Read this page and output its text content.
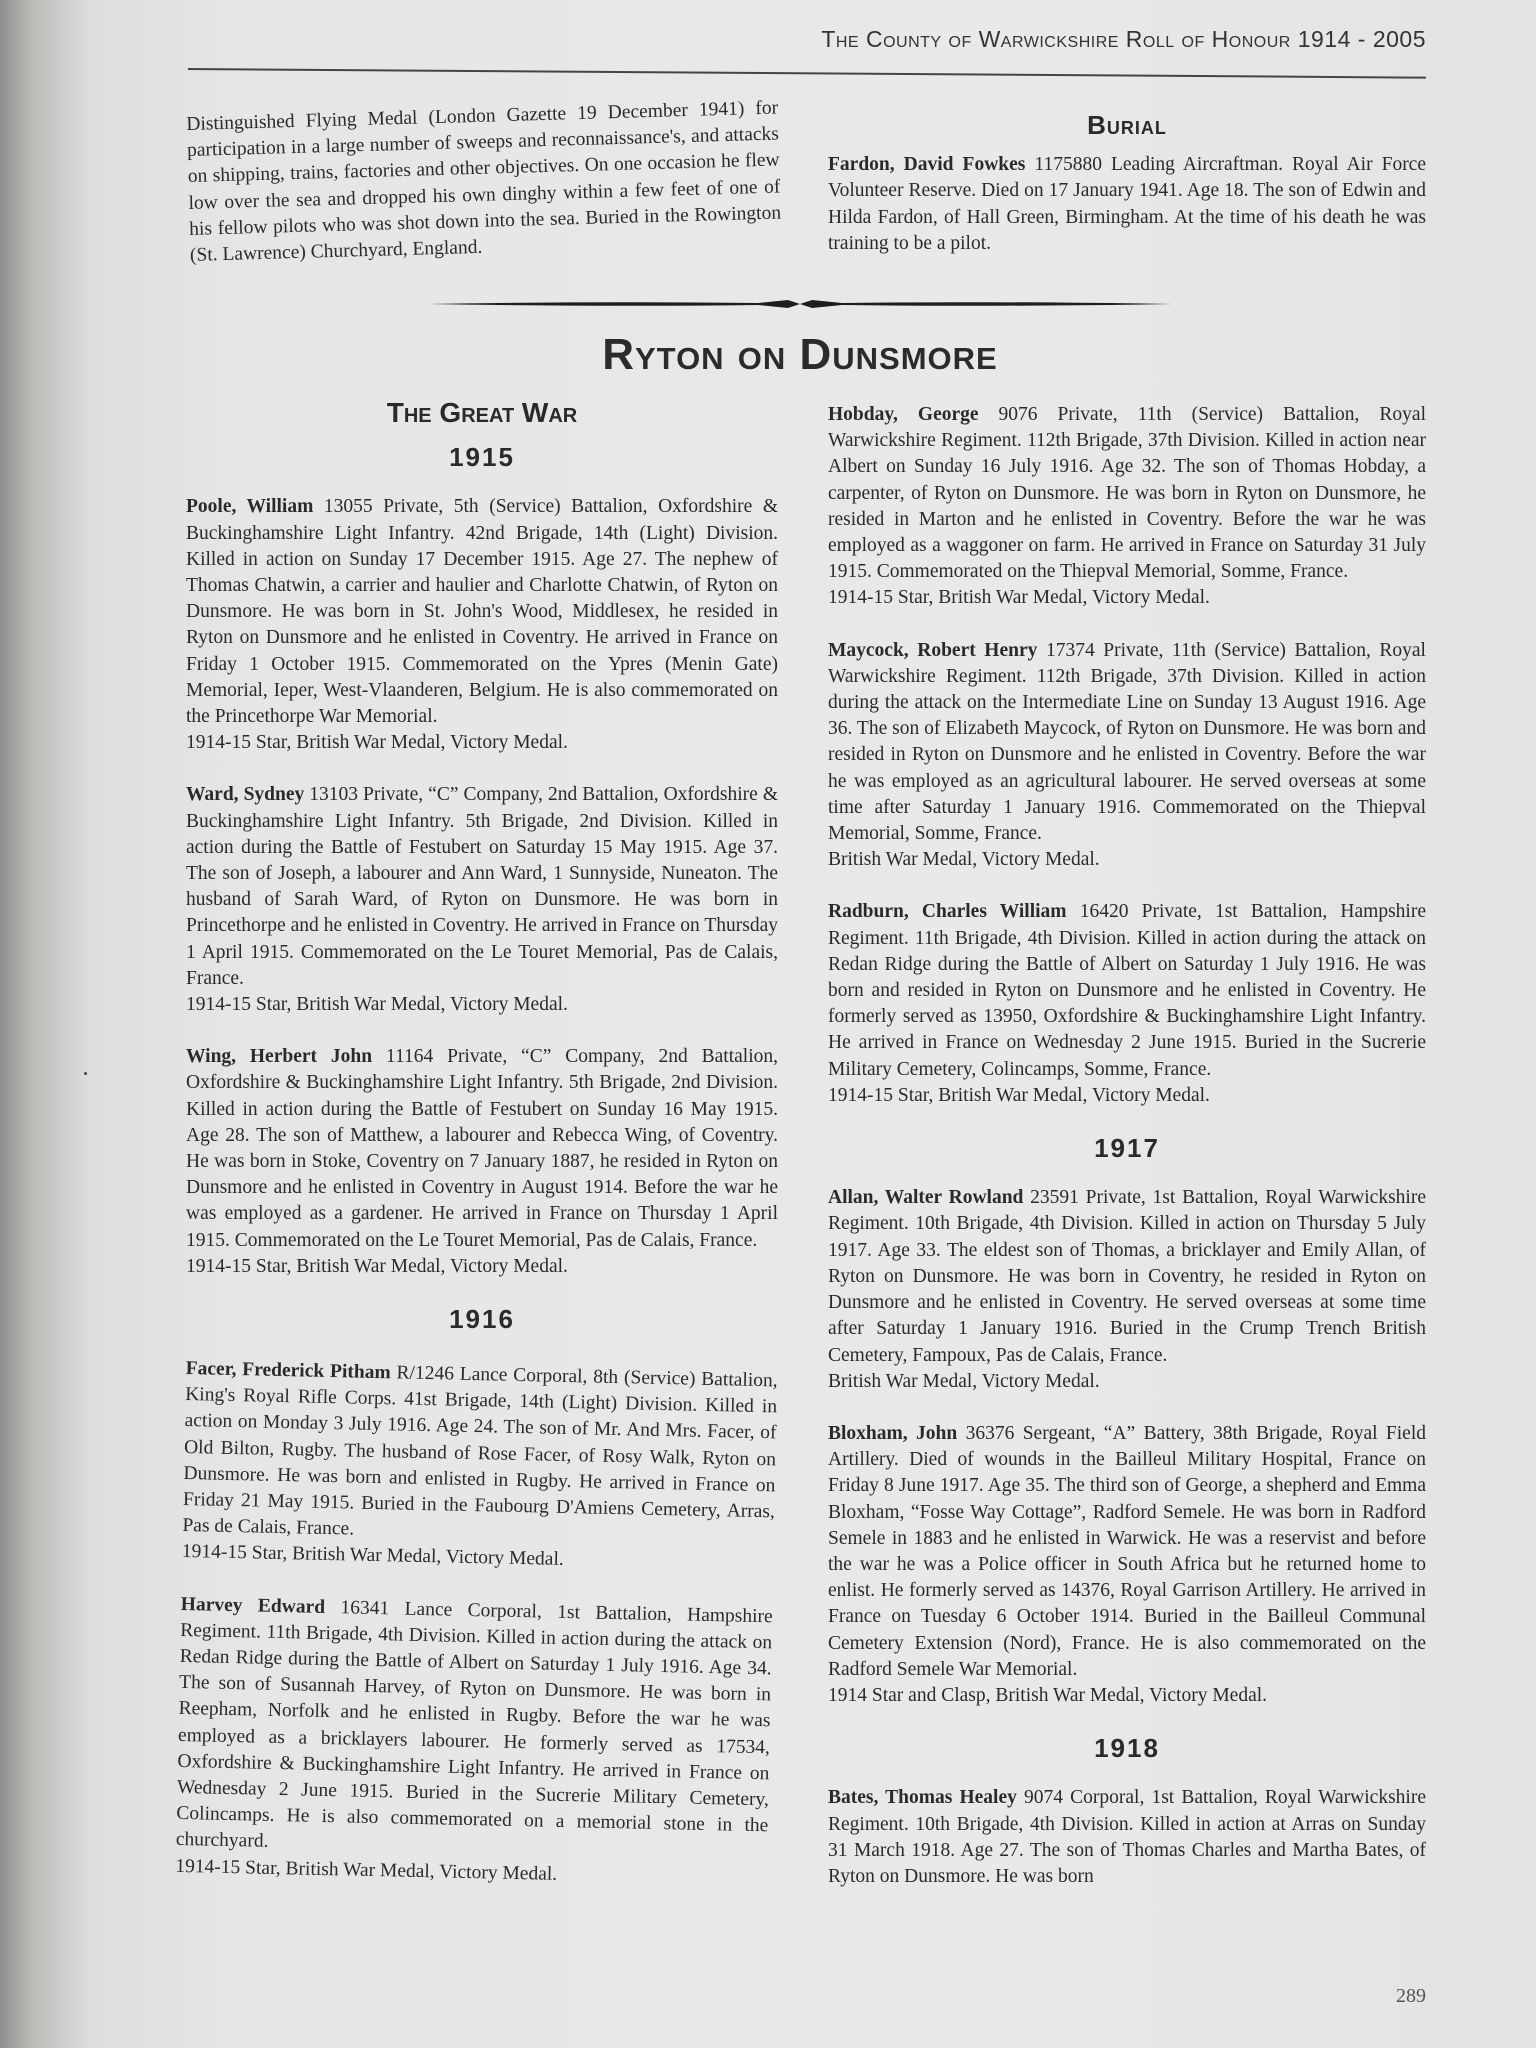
The County of Warwickshire Roll of Honour 1914 - 2005

Distinguished Flying Medal (London Gazette 19 December 1941) for participation in a large number of sweeps and reconnaissance's, and attacks on shipping, trains, factories and other objectives. On one occasion he flew low over the sea and dropped his own dinghy within a few feet of one of his fellow pilots who was shot down into the sea. Buried in the Rowington (St. Lawrence) Churchyard, England.

Burial

Fardon, David Fowkes 1175880 Leading Aircraftman. Royal Air Force Volunteer Reserve. Died on 17 January 1941. Age 18. The son of Edwin and Hilda Fardon, of Hall Green, Birmingham. At the time of his death he was training to be a pilot.

Ryton on Dunsmore
The Great War
1915

Poole, William 13055 Private, 5th (Service) Battalion, Oxfordshire & Buckinghamshire Light Infantry. 42nd Brigade, 14th (Light) Division. Killed in action on Sunday 17 December 1915. Age 27. The nephew of Thomas Chatwin, a carrier and haulier and Charlotte Chatwin, of Ryton on Dunsmore. He was born in St. John's Wood, Middlesex, he resided in Ryton on Dunsmore and he enlisted in Coventry. He arrived in France on Friday 1 October 1915. Commemorated on the Ypres (Menin Gate) Memorial, Ieper, West-Vlaanderen, Belgium. He is also commemorated on the Princethorpe War Memorial.

1914-15 Star, British War Medal, Victory Medal.

Ward, Sydney 13103 Private, “C” Company, 2nd Battalion, Oxfordshire & Buckinghamshire Light Infantry. 5th Brigade, 2nd Division. Killed in action during the Battle of Festubert on Saturday 15 May 1915. Age 37. The son of Joseph, a labourer and Ann Ward, 1 Sunnyside, Nuneaton. The husband of Sarah Ward, of Ryton on Dunsmore. He was born in Princethorpe and he enlisted in Coventry. He arrived in France on Thursday 1 April 1915. Commemorated on the Le Touret Memorial, Pas de Calais, France.

1914-15 Star, British War Medal, Victory Medal.

Wing, Herbert John 11164 Private, “C” Company, 2nd Battalion, Oxfordshire & Buckinghamshire Light Infantry. 5th Brigade, 2nd Division. Killed in action during the Battle of Festubert on Sunday 16 May 1915. Age 28. The son of Matthew, a labourer and Rebecca Wing, of Coventry. He was born in Stoke, Coventry on 7 January 1887, he resided in Ryton on Dunsmore and he enlisted in Coventry in August 1914. Before the war he was employed as a gardener. He arrived in France on Thursday 1 April 1915. Commemorated on the Le Touret Memorial, Pas de Calais, France.

1914-15 Star, British War Medal, Victory Medal.

1916

Facer, Frederick Pitham R/1246 Lance Corporal, 8th (Service) Battalion, King's Royal Rifle Corps. 41st Brigade, 14th (Light) Division. Killed in action on Monday 3 July 1916. Age 24. The son of Mr. And Mrs. Facer, of Old Bilton, Rugby. The husband of Rose Facer, of Rosy Walk, Ryton on Dunsmore. He was born and enlisted in Rugby. He arrived in France on Friday 21 May 1915. Buried in the Faubourg D'Amiens Cemetery, Arras, Pas de Calais, France.

1914-15 Star, British War Medal, Victory Medal.

Harvey Edward 16341 Lance Corporal, 1st Battalion, Hampshire Regiment. 11th Brigade, 4th Division. Killed in action during the attack on Redan Ridge during the Battle of Albert on Saturday 1 July 1916. Age 34. The son of Susannah Harvey, of Ryton on Dunsmore. He was born in Reepham, Norfolk and he enlisted in Rugby. Before the war he was employed as a bricklayers labourer. He formerly served as 17534, Oxfordshire & Buckinghamshire Light Infantry. He arrived in France on Wednesday 2 June 1915. Buried in the Sucrerie Military Cemetery, Colincamps. He is also commemorated on a memorial stone in the churchyard.

1914-15 Star, British War Medal, Victory Medal.

Hobday, George 9076 Private, 11th (Service) Battalion, Royal Warwickshire Regiment. 112th Brigade, 37th Division. Killed in action near Albert on Sunday 16 July 1916. Age 32. The son of Thomas Hobday, a carpenter, of Ryton on Dunsmore. He was born in Ryton on Dunsmore, he resided in Marton and he enlisted in Coventry. Before the war he was employed as a waggoner on farm. He arrived in France on Saturday 31 July 1915. Commemorated on the Thiepval Memorial, Somme, France.

1914-15 Star, British War Medal, Victory Medal.

Maycock, Robert Henry 17374 Private, 11th (Service) Battalion, Royal Warwickshire Regiment. 112th Brigade, 37th Division. Killed in action during the attack on the Intermediate Line on Sunday 13 August 1916. Age 36. The son of Elizabeth Maycock, of Ryton on Dunsmore. He was born and resided in Ryton on Dunsmore and he enlisted in Coventry. Before the war he was employed as an agricultural labourer. He served overseas at some time after Saturday 1 January 1916. Commemorated on the Thiepval Memorial, Somme, France.

British War Medal, Victory Medal.

Radburn, Charles William 16420 Private, 1st Battalion, Hampshire Regiment. 11th Brigade, 4th Division. Killed in action during the attack on Redan Ridge during the Battle of Albert on Saturday 1 July 1916. He was born and resided in Ryton on Dunsmore and he enlisted in Coventry. He formerly served as 13950, Oxfordshire & Buckinghamshire Light Infantry. He arrived in France on Wednesday 2 June 1915. Buried in the Sucrerie Military Cemetery, Colincamps, Somme, France.

1914-15 Star, British War Medal, Victory Medal.

1917

Allan, Walter Rowland 23591 Private, 1st Battalion, Royal Warwickshire Regiment. 10th Brigade, 4th Division. Killed in action on Thursday 5 July 1917. Age 33. The eldest son of Thomas, a bricklayer and Emily Allan, of Ryton on Dunsmore. He was born in Coventry, he resided in Ryton on Dunsmore and he enlisted in Coventry. He served overseas at some time after Saturday 1 January 1916. Buried in the Crump Trench British Cemetery, Fampoux, Pas de Calais, France.

British War Medal, Victory Medal.

Bloxham, John 36376 Sergeant, “A” Battery, 38th Brigade, Royal Field Artillery. Died of wounds in the Bailleul Military Hospital, France on Friday 8 June 1917. Age 35. The third son of George, a shepherd and Emma Bloxham, “Fosse Way Cottage”, Radford Semele. He was born in Radford Semele in 1883 and he enlisted in Warwick. He was a reservist and before the war he was a Police officer in South Africa but he returned home to enlist. He formerly served as 14376, Royal Garrison Artillery. He arrived in France on Tuesday 6 October 1914. Buried in the Bailleul Communal Cemetery Extension (Nord), France. He is also commemorated on the Radford Semele War Memorial.

1914 Star and Clasp, British War Medal, Victory Medal.

1918

Bates, Thomas Healey 9074 Corporal, 1st Battalion, Royal Warwickshire Regiment. 10th Brigade, 4th Division. Killed in action at Arras on Sunday 31 March 1918. Age 27. The son of Thomas Charles and Martha Bates, of Ryton on Dunsmore. He was born

289
